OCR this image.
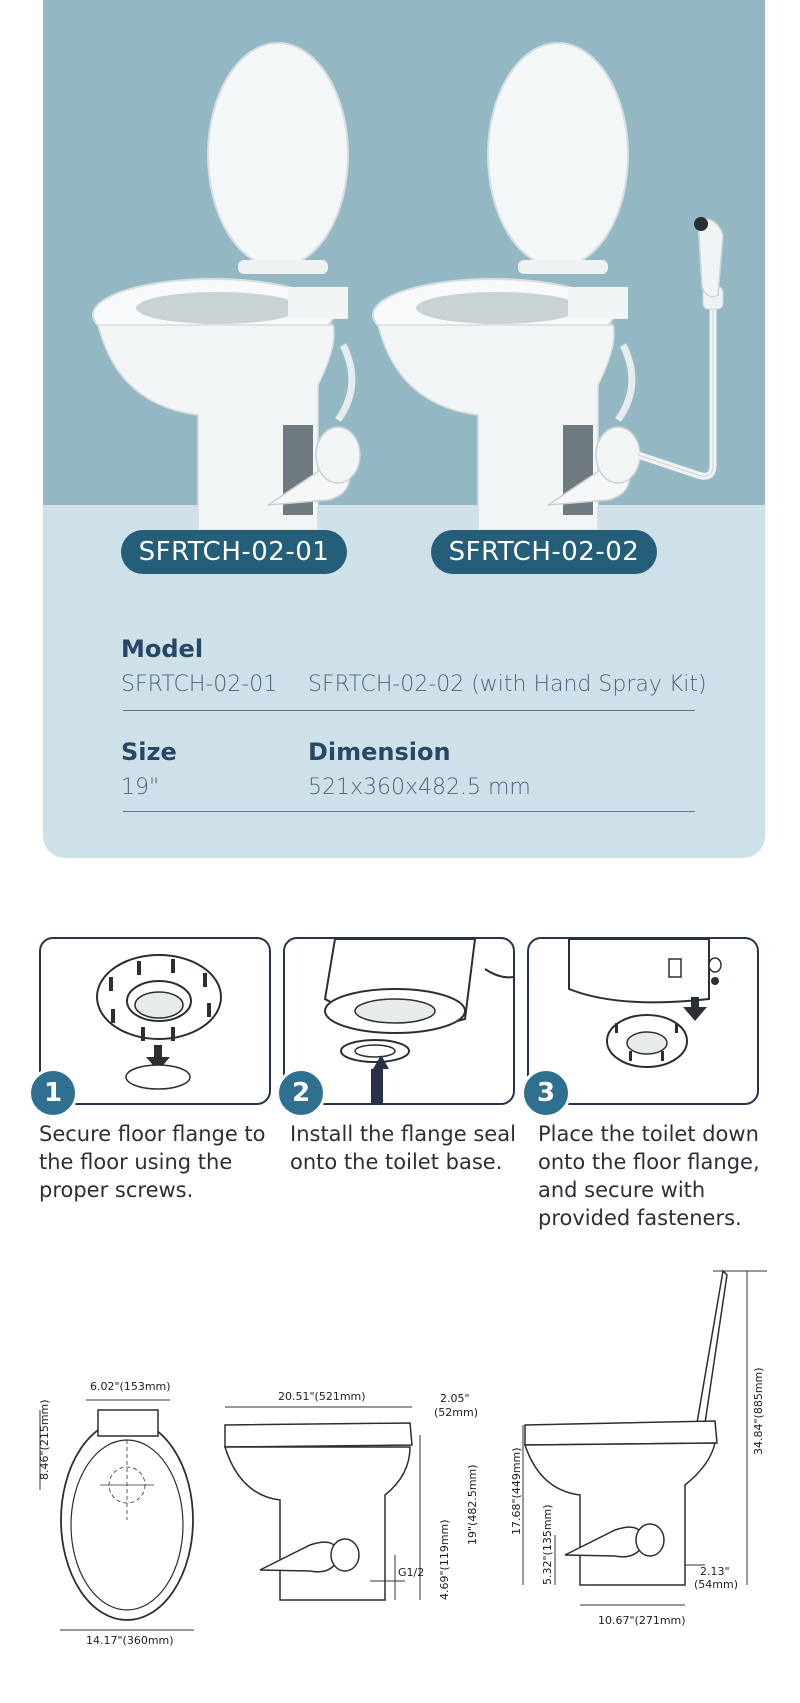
SFRTCH-02-01	SFRTCH-02-02
Model
SFRTCH-02-01 SFRTCH-02-02 (with Hand Spray Kit)
Size	Dimension
19"	521x360x482.5 mm
1	2	3
Secure floor flange to the floor using the proper screws.
Install the flange seal onto the toilet base.
Place the toilet down onto the floor flange, and secure with provided fasteners.
6.02"(153mm)
8.46"(215mm)
14.17"(360mm)
20.51"(521mm)	2.05"
(52mm)
19"(482.5mm)
4.69"(119mm)
G1/2
17.68"(449mm)
5.32"(135mm)
34.84"(885mm)
2.13"
(54mm)
10.67"(271mm)
